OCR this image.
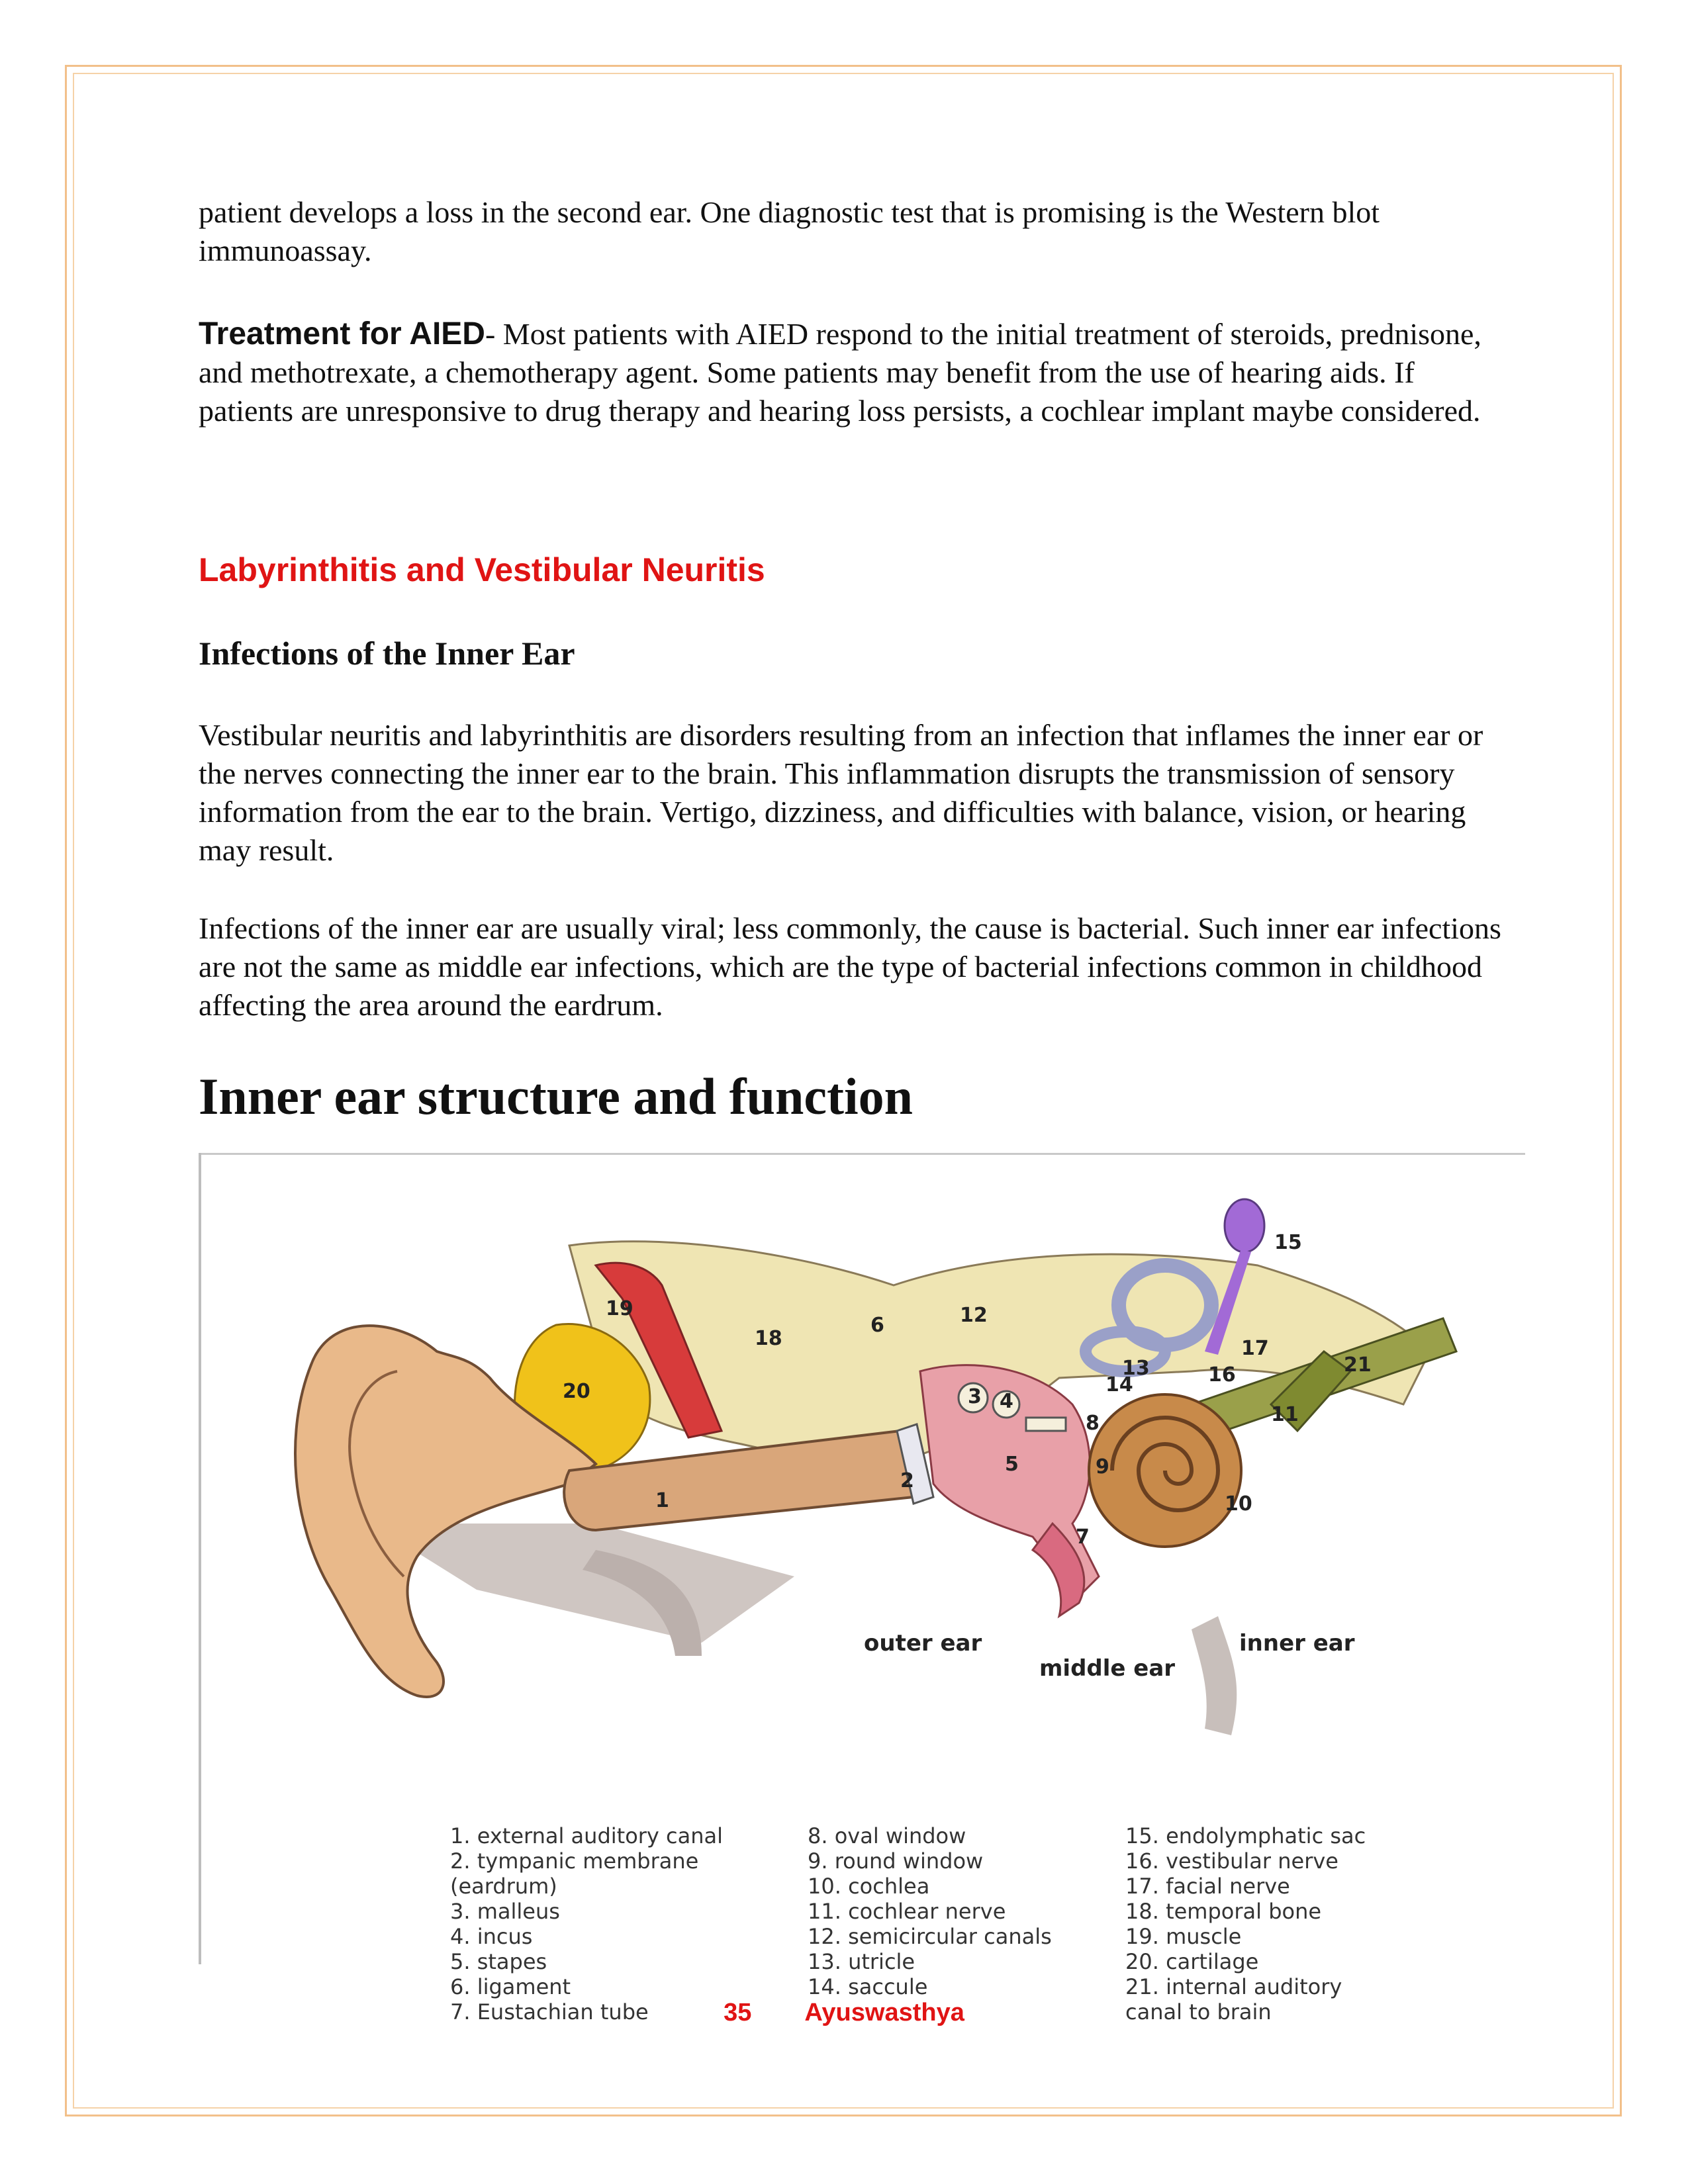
patient develops a loss in the second ear. One diagnostic test that is promising is the Western blot immunoassay.

Treatment for AIED- Most patients with AIED respond to the initial treatment of steroids, prednisone, and methotrexate, a chemotherapy agent. Some patients may benefit from the use of hearing aids. If patients are unresponsive to drug therapy and hearing loss persists, a cochlear implant maybe considered.

Labyrinthitis and Vestibular Neuritis
Infections of the Inner Ear

Vestibular neuritis and labyrinthitis are disorders resulting from an infection that inflames the inner ear or the nerves connecting the inner ear to the brain. This inflammation disrupts the transmission of sensory information from the ear to the brain. Vertigo, dizziness, and difficulties with balance, vision, or hearing may result.

Infections of the inner ear are usually viral; less commonly, the cause is bacterial. Such inner ear infections are not the same as middle ear infections, which are the type of bacterial infections common in childhood affecting the area around the eardrum.

Inner ear structure and function
outer ear
middle ear
inner ear
1
2
3 4
5
6
7
8
9
10
11
12
13
14
15
16
17
18
19
20
21
1. external auditory canal
2. tympanic membrane
(eardrum)
3. malleus
4. incus
5. stapes
6. ligament
7. Eustachian tube
8. oval window
9. round window
10. cochlea
11. cochlear nerve
12. semicircular canals
13. utricle
14. saccule
15. endolymphatic sac
16. vestibular nerve
17. facial nerve
18. temporal bone
19. muscle
20. cartilage
21. internal auditory
canal to brain
35 Ayuswasthya
